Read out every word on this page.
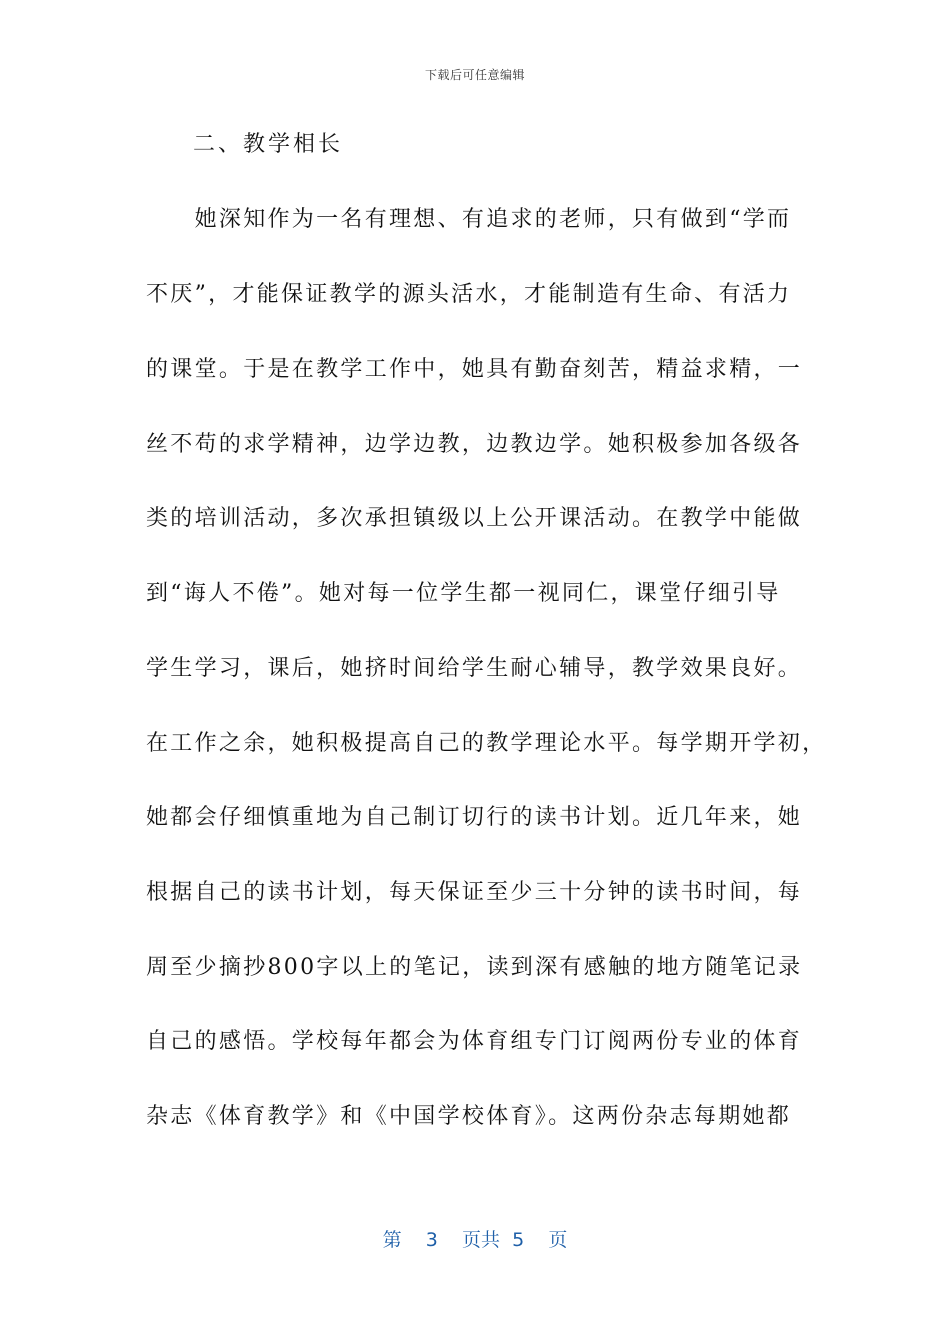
下载后可任意编辑
二、教学相长
　　她深知作为一名有理想、有追求的老师，只有做到“学而
不厌”，才能保证教学的源头活水，才能制造有生命、有活力
的课堂。于是在教学工作中，她具有勤奋刻苦，精益求精，一
丝不苟的求学精神，边学边教，边教边学。她积极参加各级各
类的培训活动，多次承担镇级以上公开课活动。在教学中能做
到“诲人不倦”。她对每一位学生都一视同仁，课堂仔细引导
学生学习，课后，她挤时间给学生耐心辅导，教学效果良好。
在工作之余，她积极提高自己的教学理论水平。每学期开学初，
她都会仔细慎重地为自己制订切行的读书计划。近几年来，她
根据自己的读书计划，每天保证至少三十分钟的读书时间，每
周至少摘抄800字以上的笔记，读到深有感触的地方随笔记录
自己的感悟。学校每年都会为体育组专门订阅两份专业的体育
杂志《体育教学》和《中国学校体育》。这两份杂志每期她都
第 3 页共 5 页
